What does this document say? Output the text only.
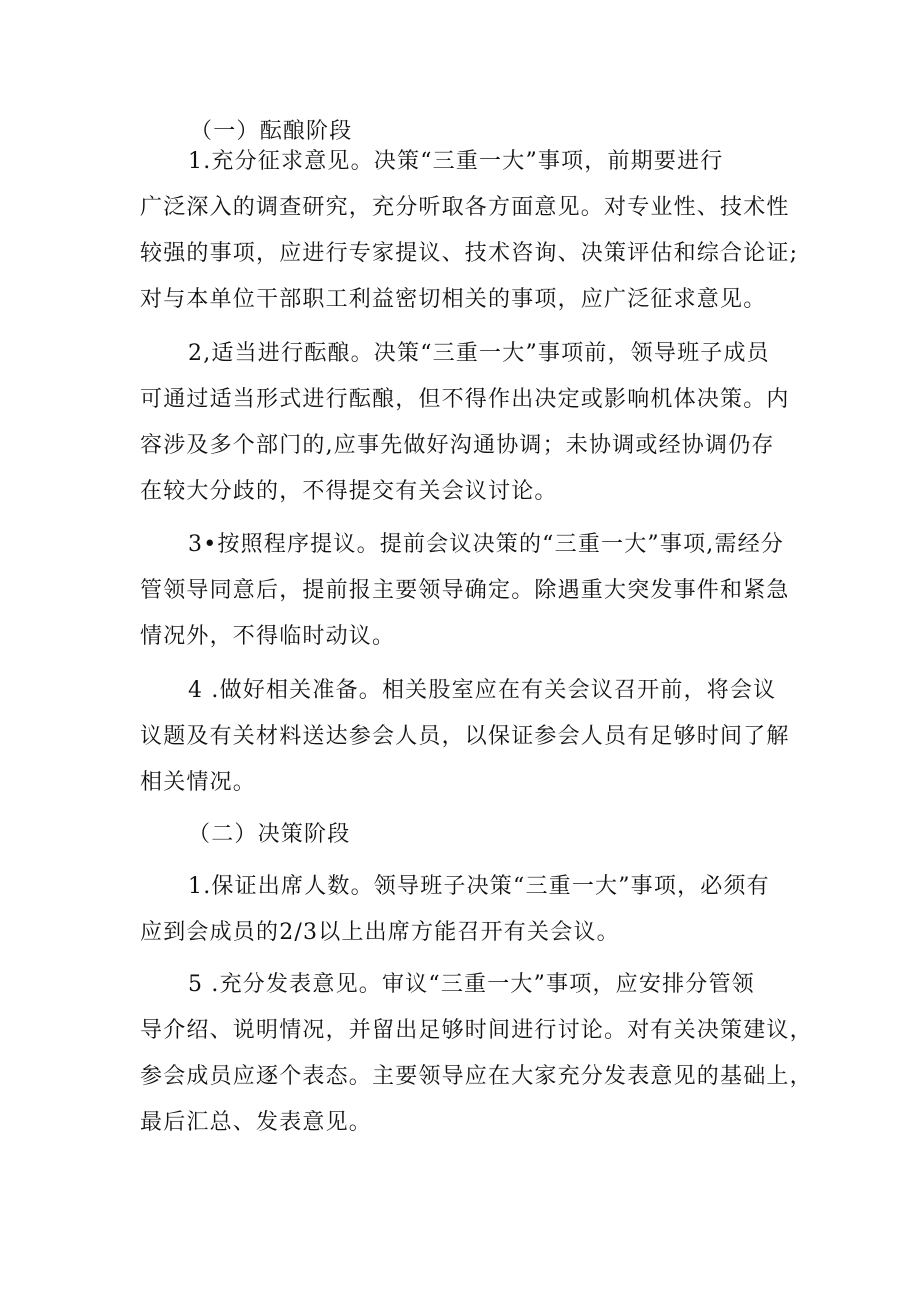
（一）酝酿阶段
1.充分征求意见。决策“三重一大”事项，前期要进行
广泛深入的调查研究，充分听取各方面意见。对专业性、技术性
较强的事项，应进行专家提议、技术咨询、决策评估和综合论证;
对与本单位干部职工利益密切相关的事项，应广泛征求意见。
2,适当进行酝酿。决策“三重一大”事项前，领导班子成员
可通过适当形式进行酝酿，但不得作出决定或影响机体决策。内
容涉及多个部门的,应事先做好沟通协调；未协调或经协调仍存
在较大分歧的，不得提交有关会议讨论。
3•按照程序提议。提前会议决策的“三重一大”事项,需经分
管领导同意后，提前报主要领导确定。除遇重大突发事件和紧急
情况外，不得临时动议。
4 .做好相关准备。相关股室应在有关会议召开前，将会议
议题及有关材料送达参会人员，以保证参会人员有足够时间了解
相关情况。
（二）决策阶段
1.保证出席人数。领导班子决策“三重一大”事项，必须有
应到会成员的2/3以上出席方能召开有关会议。
5 .充分发表意见。审议“三重一大”事项，应安排分管领
导介绍、说明情况，并留出足够时间进行讨论。对有关决策建议，
参会成员应逐个表态。主要领导应在大家充分发表意见的基础上，
最后汇总、发表意见。
